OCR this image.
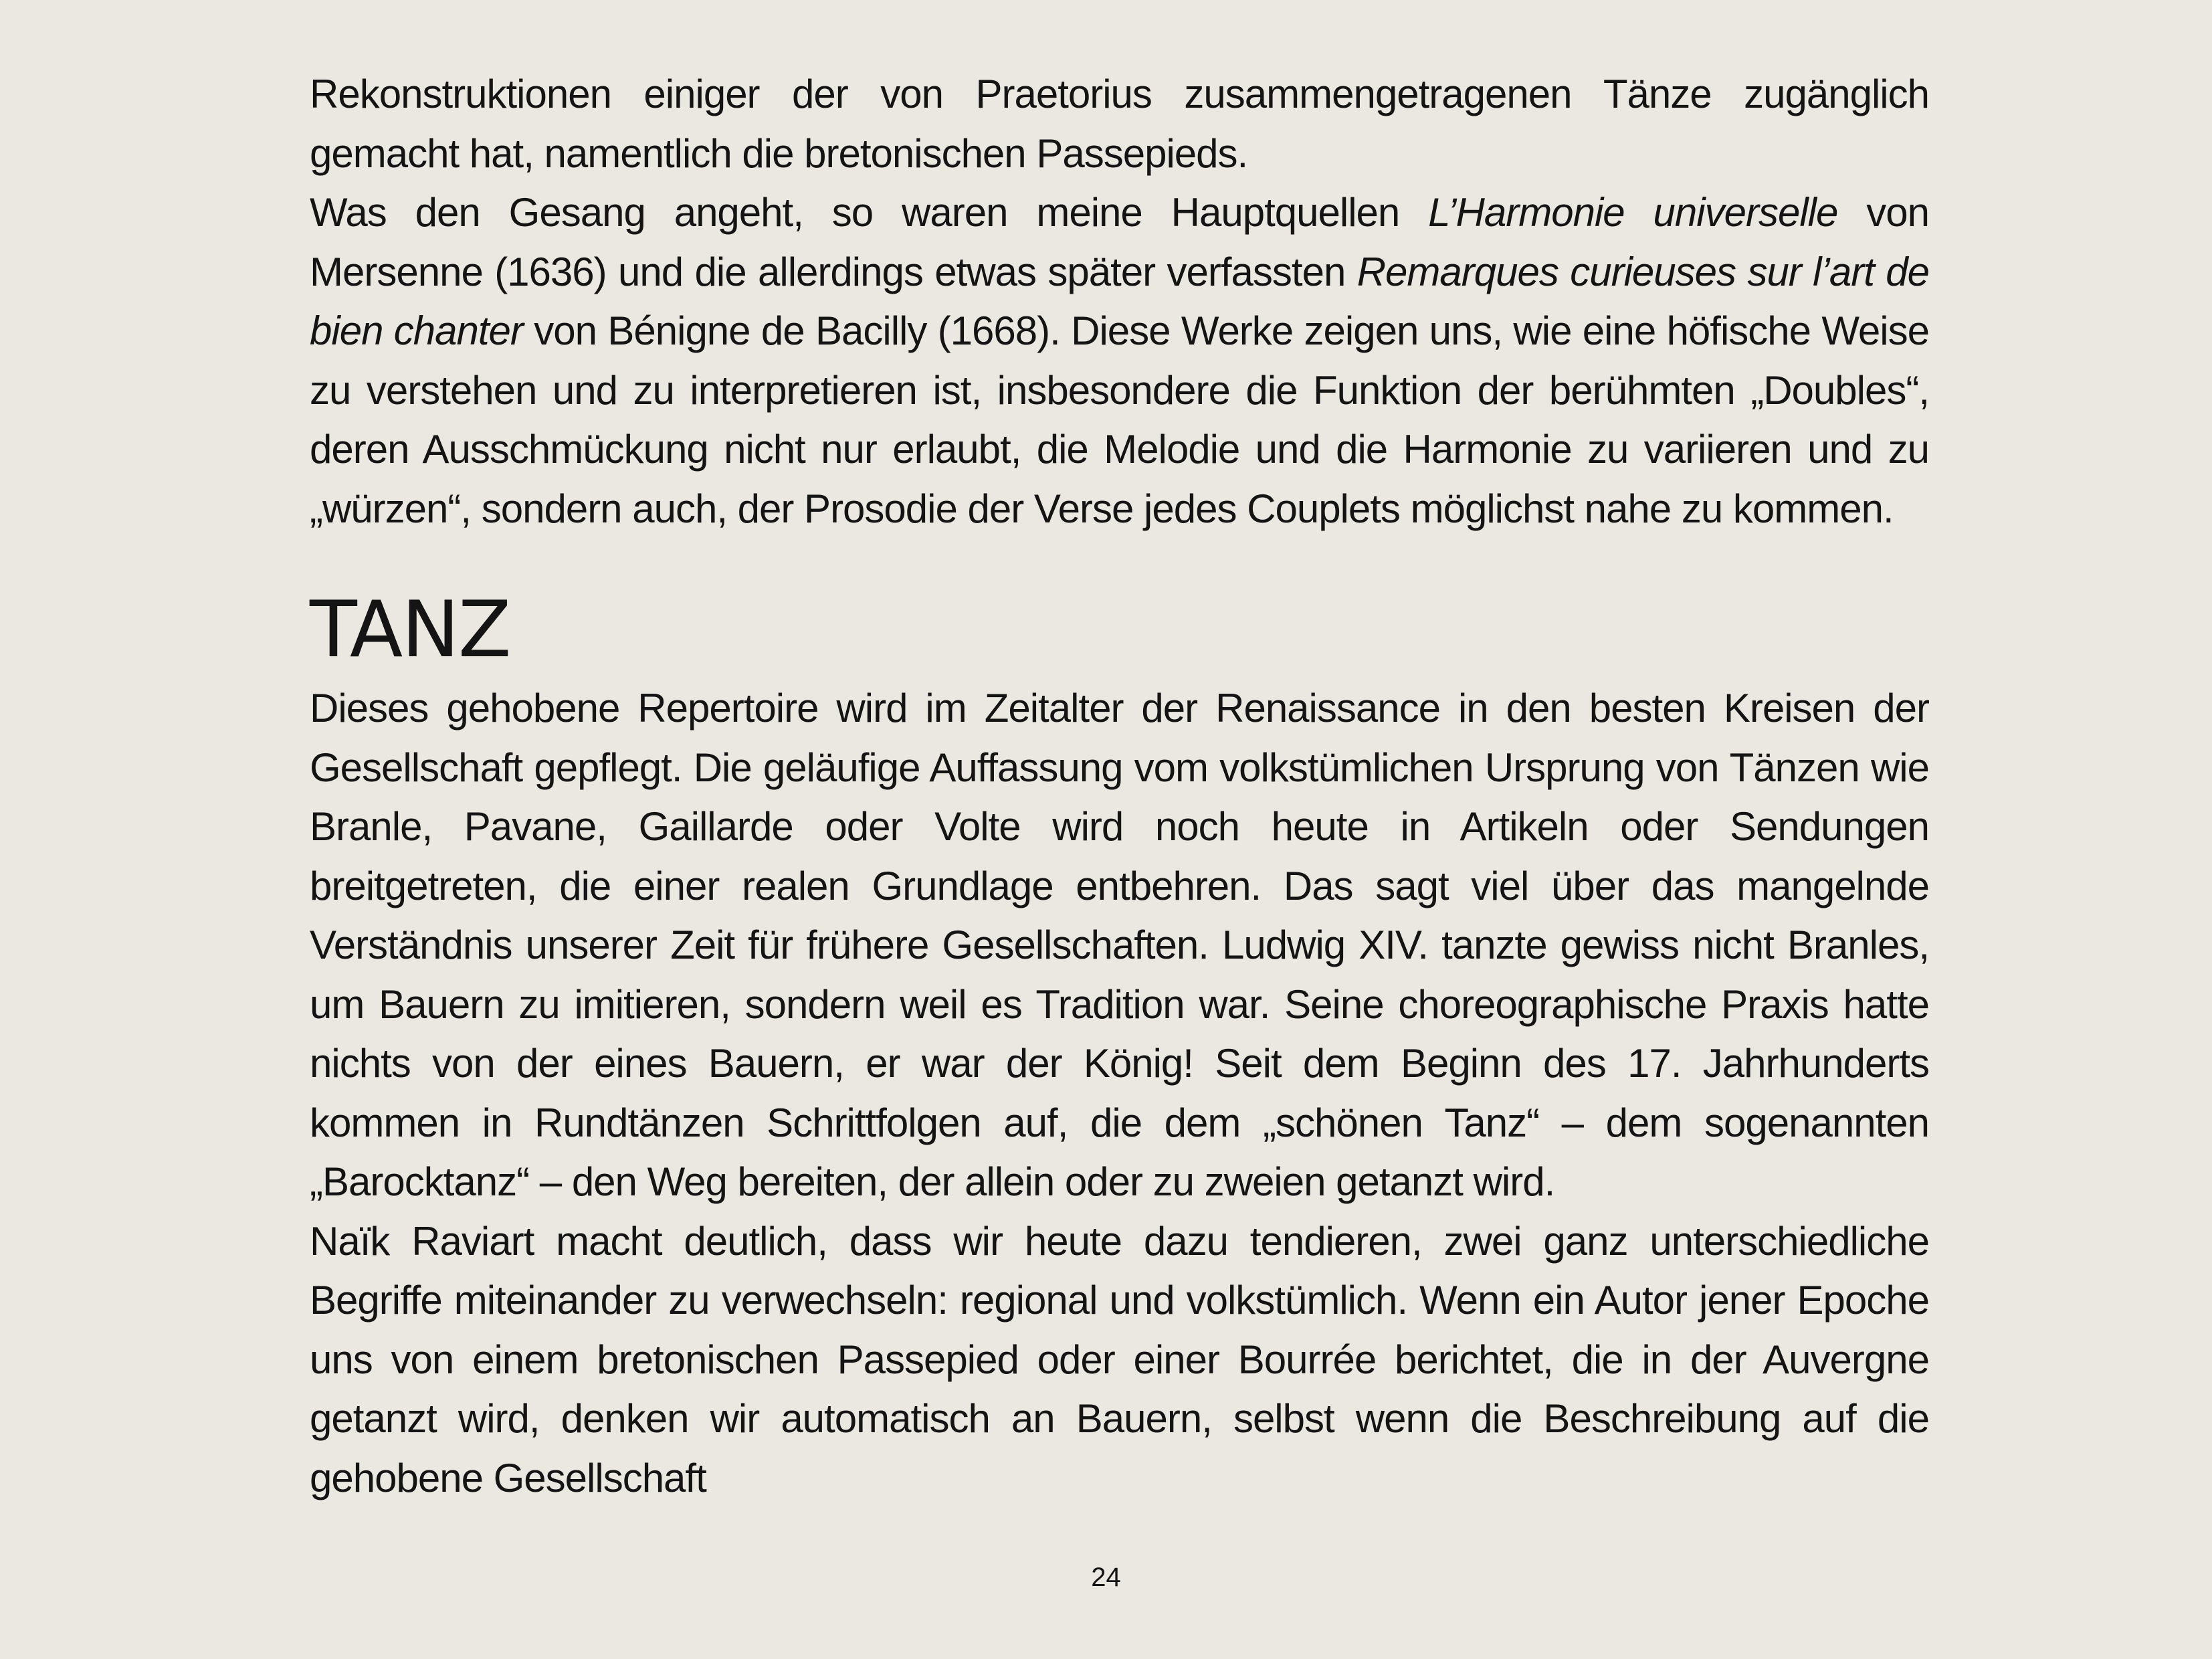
Rekonstruktionen einiger der von Praetorius zusammengetragenen Tänze zugänglich gemacht hat, namentlich die bretonischen Passepieds.

Was den Gesang angeht, so waren meine Hauptquellen L’Harmonie universelle von Mersenne (1636) und die allerdings etwas später verfassten Remarques curieuses sur l’art de bien chanter von Bénigne de Bacilly (1668). Diese Werke zeigen uns, wie eine höfische Weise zu verstehen und zu interpretieren ist, insbesondere die Funktion der berühmten „Doubles“, deren Ausschmückung nicht nur erlaubt, die Melodie und die Harmonie zu variieren und zu „würzen“, sondern auch, der Prosodie der Verse jedes Couplets möglichst nahe zu kommen.

TANZ

Dieses gehobene Repertoire wird im Zeitalter der Renaissance in den besten Kreisen der Gesellschaft gepflegt. Die geläufige Auffassung vom volkstümlichen Ursprung von Tänzen wie Branle, Pavane, Gaillarde oder Volte wird noch heute in Artikeln oder Sendungen breitgetreten, die einer realen Grundlage entbehren. Das sagt viel über das mangelnde Verständnis unserer Zeit für frühere Gesellschaften. Ludwig XIV. tanzte gewiss nicht Branles, um Bauern zu imitieren, sondern weil es Tradition war. Seine choreographische Praxis hatte nichts von der eines Bauern, er war der König! Seit dem Beginn des 17. Jahrhunderts kommen in Rundtänzen Schrittfolgen auf, die dem „schönen Tanz“ – dem sogenannten „Barocktanz“ – den Weg bereiten, der allein oder zu zweien getanzt wird.

Naïk Raviart macht deutlich, dass wir heute dazu tendieren, zwei ganz unterschiedliche Begriffe miteinander zu verwechseln: regional und volkstümlich. Wenn ein Autor jener Epoche uns von einem bretonischen Passepied oder einer Bourrée berichtet, die in der Auvergne getanzt wird, denken wir automatisch an Bauern, selbst wenn die Beschreibung auf die gehobene Gesellschaft

24
